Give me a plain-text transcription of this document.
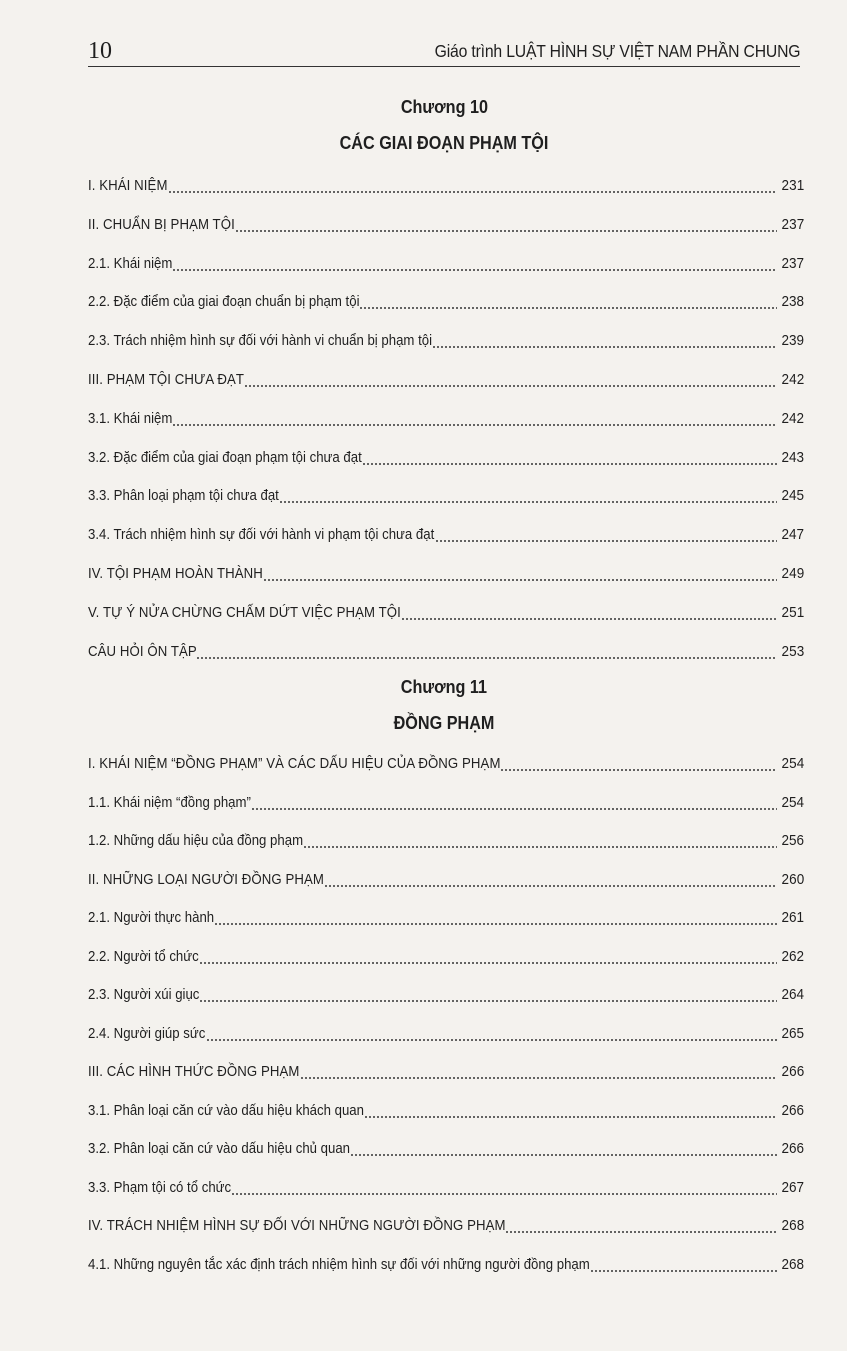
10	Giáo trình LUẬT HÌNH SỰ VIỆT NAM PHẦN CHUNG
Chương 10
CÁC GIAI ĐOẠN PHẠM TỘI
I. KHÁI NIỆM	231
II. CHUẨN BỊ PHẠM TỘI	237
2.1. Khái niệm	237
2.2. Đặc điểm của giai đoạn chuẩn bị phạm tội	238
2.3. Trách nhiệm hình sự đối với hành vi chuẩn bị phạm tội	239
III. PHẠM TỘI CHƯA ĐẠT	242
3.1. Khái niệm	242
3.2. Đặc điểm của giai đoạn phạm tội chưa đạt	243
3.3. Phân loại phạm tội chưa đạt	245
3.4. Trách nhiệm hình sự đối với hành vi phạm tội chưa đạt	247
IV. TỘI PHẠM HOÀN THÀNH	249
V. TỰ Ý NỬA CHỪNG CHẤM DỨT VIỆC PHẠM TỘI	251
CÂU HỎI ÔN TẬP	253
Chương 11
ĐỒNG PHẠM
I. KHÁI NIỆM “ĐỒNG PHẠM” VÀ CÁC DẤU HIỆU CỦA ĐỒNG PHẠM	254
1.1. Khái niệm “đồng phạm”	254
1.2. Những dấu hiệu của đồng phạm	256
II. NHỮNG LOẠI NGƯỜI ĐỒNG PHẠM	260
2.1. Người thực hành	261
2.2. Người tổ chức	262
2.3. Người xúi giục	264
2.4. Người giúp sức	265
III. CÁC HÌNH THỨC ĐỒNG PHẠM	266
3.1. Phân loại căn cứ vào dấu hiệu khách quan	266
3.2. Phân loại căn cứ vào dấu hiệu chủ quan	266
3.3. Phạm tội có tổ chức	267
IV. TRÁCH NHIỆM HÌNH SỰ ĐỐI VỚI NHỮNG NGƯỜI ĐỒNG PHẠM	268
4.1. Những nguyên tắc xác định trách nhiệm hình sự đối với những người đồng phạm	268
